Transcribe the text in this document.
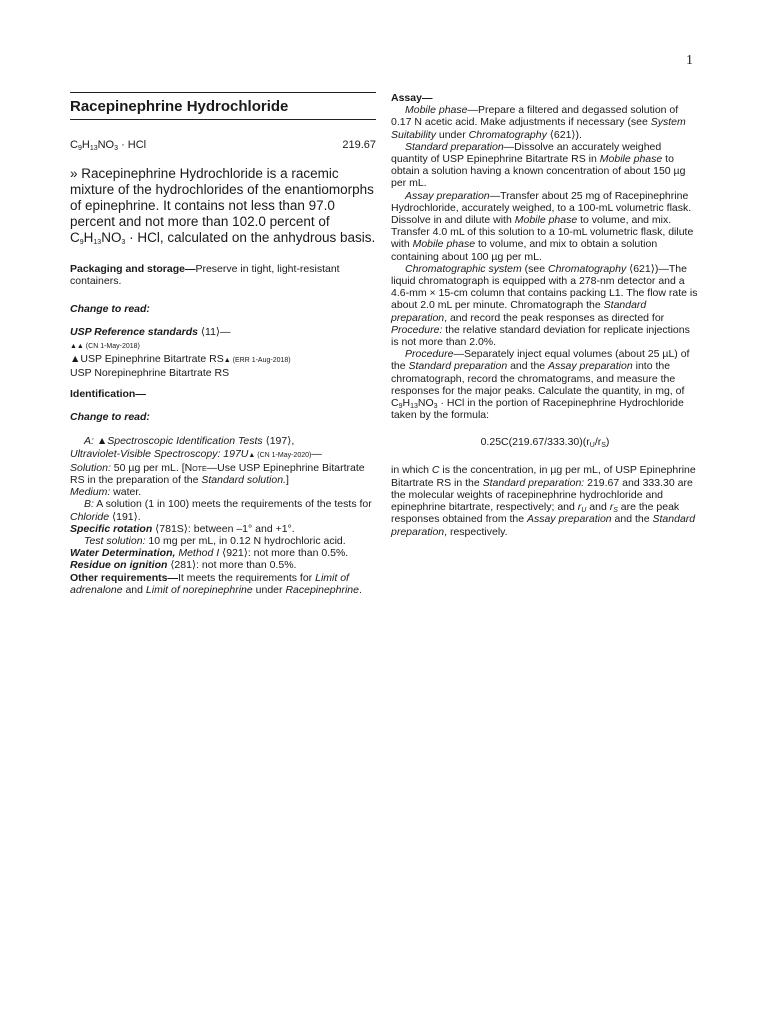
1
Racepinephrine Hydrochloride
$C_9H_{13}NO_3$ · HCl	219.67
» Racepinephrine Hydrochloride is a racemic mixture of the hydrochlorides of the enantiomorphs of epinephrine. It contains not less than 97.0 percent and not more than 102.0 percent of $C_9H_{13}NO_3$ · HCl, calculated on the anhydrous basis.

Packaging and storage—Preserve in tight, light-resistant containers.

Change to read:

USP Reference standards ⟨11⟩—

▲▲ (CN 1-May-2018)

▲USP Epinephrine Bitartrate RS▲ (ERR 1-Aug-2018)

USP Norepinephrine Bitartrate RS

Identification—

Change to read:

A: ▲Spectroscopic Identification Tests ⟨197⟩,
Ultraviolet-Visible Spectroscopy: 197U▲ (CN 1-May-2020)—
Solution: 50 µg per mL. [Note—Use USP Epinephrine Bitartrate RS in the preparation of the Standard solution.]
Medium: water.

B: A solution (1 in 100) meets the requirements of the tests for Chloride ⟨191⟩.

Specific rotation ⟨781S⟩: between –1° and +1°.

Test solution: 10 mg per mL, in 0.12 N hydrochloric acid.

Water Determination, Method I ⟨921⟩: not more than 0.5%.

Residue on ignition ⟨281⟩: not more than 0.5%.

Other requirements—It meets the requirements for Limit of adrenalone and Limit of norepinephrine under Racepinephrine.

Assay—

Mobile phase—Prepare a filtered and degassed solution of 0.17 N acetic acid. Make adjustments if necessary (see System Suitability under Chromatography ⟨621⟩).

Standard preparation—Dissolve an accurately weighed quantity of USP Epinephrine Bitartrate RS in Mobile phase to obtain a solution having a known concentration of about 150 µg per mL.

Assay preparation—Transfer about 25 mg of Racepinephrine Hydrochloride, accurately weighed, to a 100-mL volumetric flask. Dissolve in and dilute with Mobile phase to volume, and mix. Transfer 4.0 mL of this solution to a 10-mL volumetric flask, dilute with Mobile phase to volume, and mix to obtain a solution containing about 100 µg per mL.

Chromatographic system (see Chromatography ⟨621⟩)—The liquid chromatograph is equipped with a 278-nm detector and a 4.6-mm × 15-cm column that contains packing L1. The flow rate is about 2.0 mL per minute. Chromatograph the Standard preparation, and record the peak responses as directed for Procedure: the relative standard deviation for replicate injections is not more than 2.0%.

Procedure—Separately inject equal volumes (about 25 µL) of the Standard preparation and the Assay preparation into the chromatograph, record the chromatograms, and measure the responses for the major peaks. Calculate the quantity, in mg, of $C_9H_{13}NO_3$ · HCl in the portion of Racepinephrine Hydrochloride taken by the formula:

$0.25C(219.67/333.30)(r_U/r_S)$

in which C is the concentration, in µg per mL, of USP Epinephrine Bitartrate RS in the Standard preparation: 219.67 and 333.30 are the molecular weights of racepinephrine hydrochloride and epinephrine bitartrate, respectively; and $r_U$ and $r_S$ are the peak responses obtained from the Assay preparation and the Standard preparation, respectively.
